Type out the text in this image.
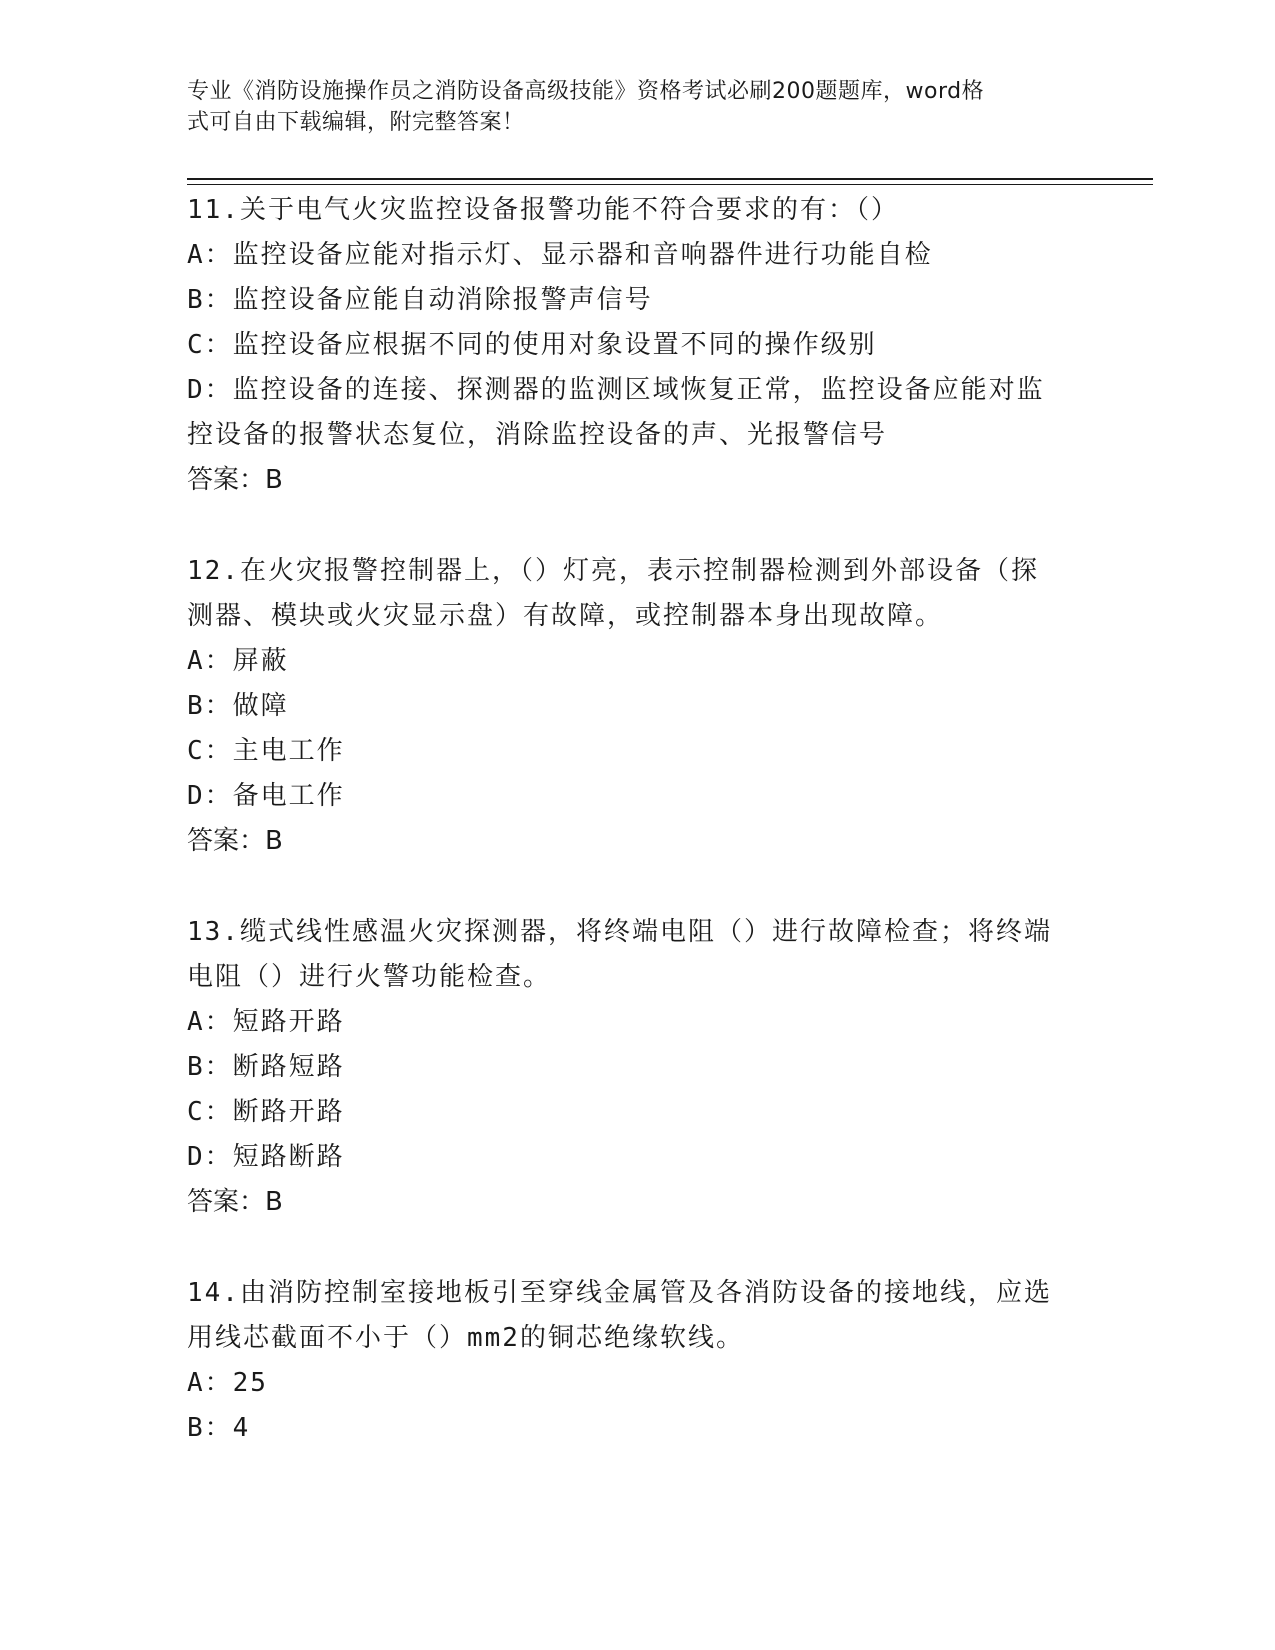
专业《消防设施操作员之消防设备高级技能》资格考试必刷200题题库，word格
式可自由下载编辑，附完整答案！
11.关于电气火灾监控设备报警功能不符合要求的有：（）
A：监控设备应能对指示灯、显示器和音响器件进行功能自检
B：监控设备应能自动消除报警声信号
C：监控设备应根据不同的使用对象设置不同的操作级别
D：监控设备的连接、探测器的监测区域恢复正常，监控设备应能对监
控设备的报警状态复位，消除监控设备的声、光报警信号
答案：B
12.在火灾报警控制器上，（）灯亮，表示控制器检测到外部设备（探
测器、模块或火灾显示盘）有故障，或控制器本身出现故障。
A：屏蔽
B：做障
C：主电工作
D：备电工作
答案：B
13.缆式线性感温火灾探测器，将终端电阻（）进行故障检查；将终端
电阻（）进行火警功能检查。
A：短路开路
B：断路短路
C：断路开路
D：短路断路
答案：B
14.由消防控制室接地板引至穿线金属管及各消防设备的接地线，应选
用线芯截面不小于（）mm2的铜芯绝缘软线。
A：25
B：4
